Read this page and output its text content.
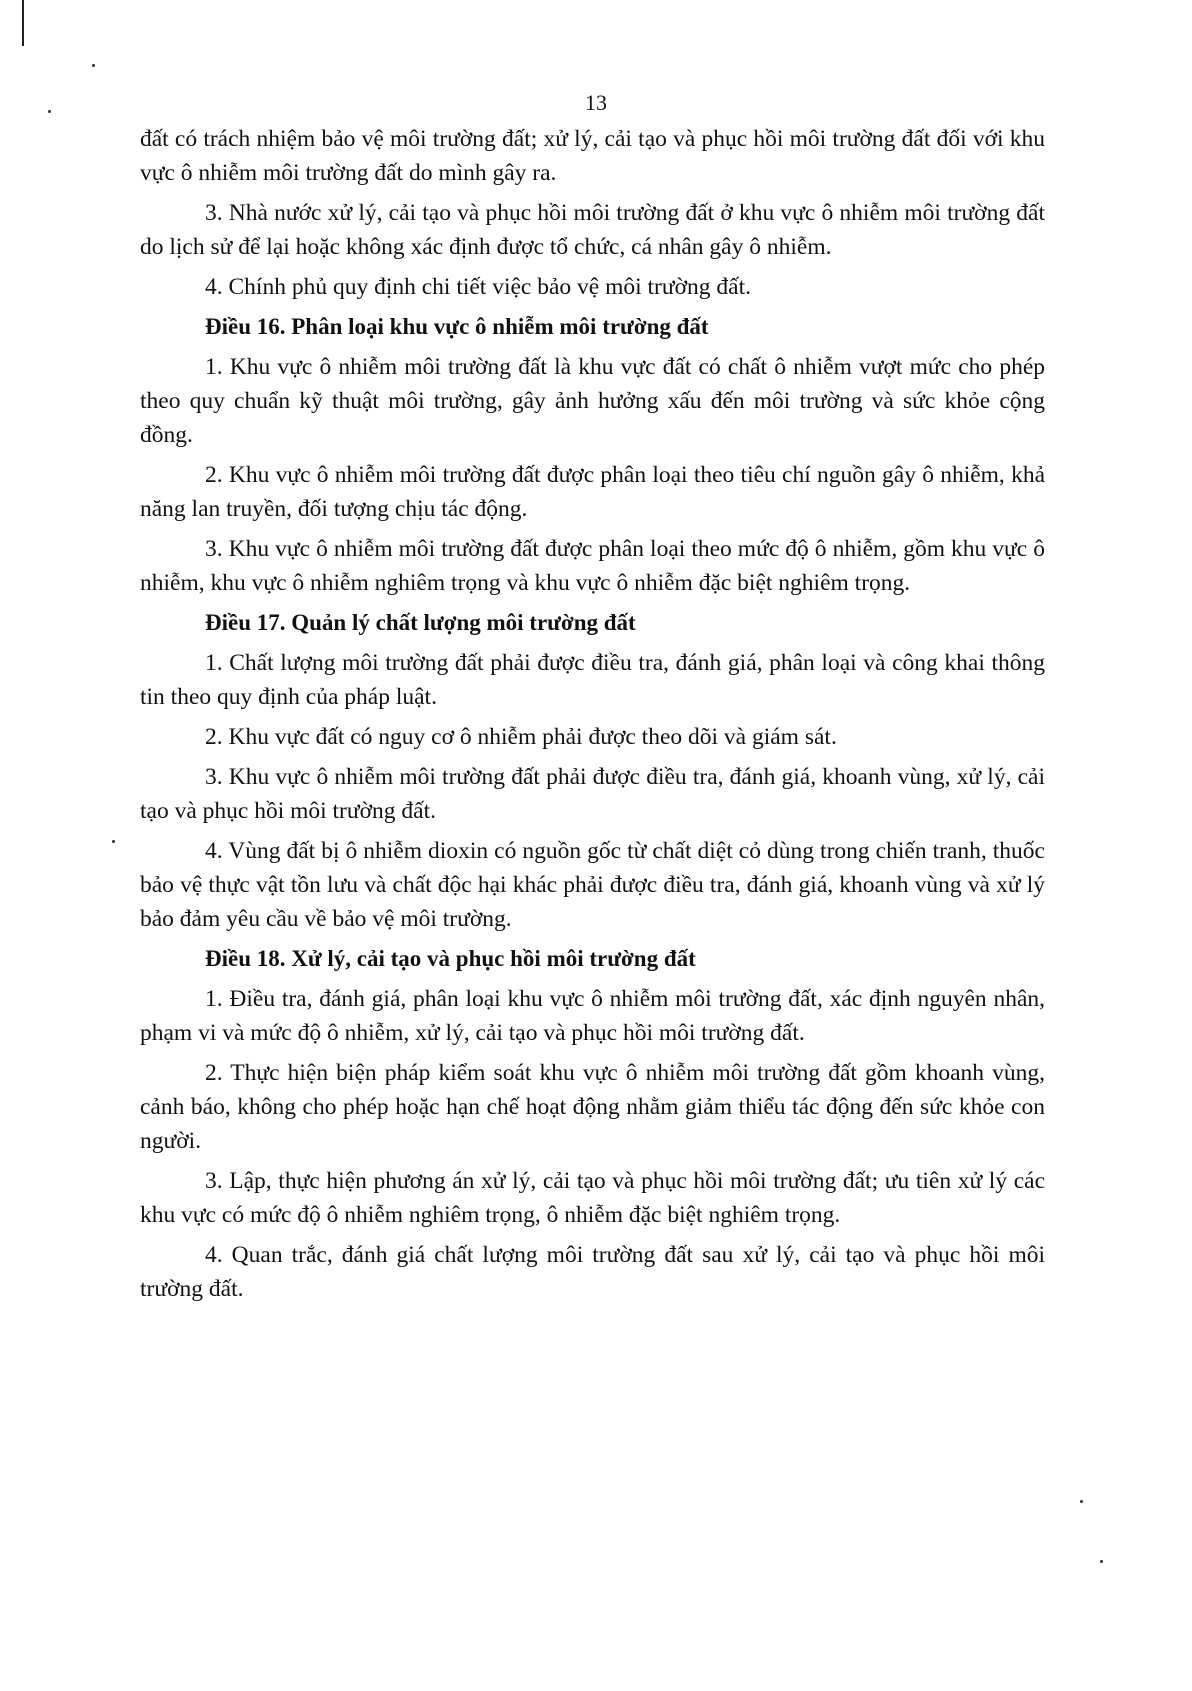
13

đất có trách nhiệm bảo vệ môi trường đất; xử lý, cải tạo và phục hồi môi trường đất đối với khu vực ô nhiễm môi trường đất do mình gây ra.

3. Nhà nước xử lý, cải tạo và phục hồi môi trường đất ở khu vực ô nhiễm môi trường đất do lịch sử để lại hoặc không xác định được tổ chức, cá nhân gây ô nhiễm.

4. Chính phủ quy định chi tiết việc bảo vệ môi trường đất.

Điều 16. Phân loại khu vực ô nhiễm môi trường đất

1. Khu vực ô nhiễm môi trường đất là khu vực đất có chất ô nhiễm vượt mức cho phép theo quy chuẩn kỹ thuật môi trường, gây ảnh hưởng xấu đến môi trường và sức khỏe cộng đồng.

2. Khu vực ô nhiễm môi trường đất được phân loại theo tiêu chí nguồn gây ô nhiễm, khả năng lan truyền, đối tượng chịu tác động.

3. Khu vực ô nhiễm môi trường đất được phân loại theo mức độ ô nhiễm, gồm khu vực ô nhiễm, khu vực ô nhiễm nghiêm trọng và khu vực ô nhiễm đặc biệt nghiêm trọng.

Điều 17. Quản lý chất lượng môi trường đất

1. Chất lượng môi trường đất phải được điều tra, đánh giá, phân loại và công khai thông tin theo quy định của pháp luật.

2. Khu vực đất có nguy cơ ô nhiễm phải được theo dõi và giám sát.

3. Khu vực ô nhiễm môi trường đất phải được điều tra, đánh giá, khoanh vùng, xử lý, cải tạo và phục hồi môi trường đất.

4. Vùng đất bị ô nhiễm dioxin có nguồn gốc từ chất diệt cỏ dùng trong chiến tranh, thuốc bảo vệ thực vật tồn lưu và chất độc hại khác phải được điều tra, đánh giá, khoanh vùng và xử lý bảo đảm yêu cầu về bảo vệ môi trường.

Điều 18. Xử lý, cải tạo và phục hồi môi trường đất

1. Điều tra, đánh giá, phân loại khu vực ô nhiễm môi trường đất, xác định nguyên nhân, phạm vi và mức độ ô nhiễm, xử lý, cải tạo và phục hồi môi trường đất.

2. Thực hiện biện pháp kiểm soát khu vực ô nhiễm môi trường đất gồm khoanh vùng, cảnh báo, không cho phép hoặc hạn chế hoạt động nhằm giảm thiểu tác động đến sức khỏe con người.

3. Lập, thực hiện phương án xử lý, cải tạo và phục hồi môi trường đất; ưu tiên xử lý các khu vực có mức độ ô nhiễm nghiêm trọng, ô nhiễm đặc biệt nghiêm trọng.

4. Quan trắc, đánh giá chất lượng môi trường đất sau xử lý, cải tạo và phục hồi môi trường đất.
